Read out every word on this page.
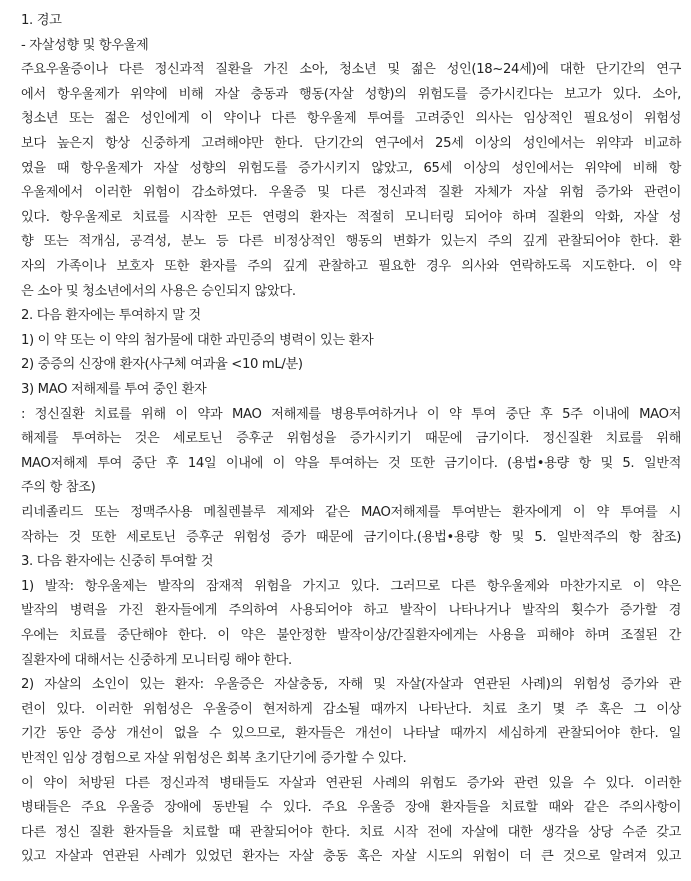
1. 경고
- 자살성향 및 항우울제
주요우울증이나 다른 정신과적 질환을 가진 소아, 청소년 및 젊은 성인(18~24세)에 대한 단기간의 연구
에서 항우울제가 위약에 비해 자살 충동과 행동(자살 성향)의 위험도를 증가시킨다는 보고가 있다. 소아,
청소년 또는 젊은 성인에게 이 약이나 다른 항우울제 투여를 고려중인 의사는 임상적인 필요성이 위험성
보다 높은지 항상 신중하게 고려해야만 한다. 단기간의 연구에서 25세 이상의 성인에서는 위약과 비교하
였을 때 항우울제가 자살 성향의 위험도를 증가시키지 않았고, 65세 이상의 성인에서는 위약에 비해 항
우울제에서 이러한 위험이 감소하였다. 우울증 및 다른 정신과적 질환 자체가 자살 위험 증가와 관련이
있다. 항우울제로 치료를 시작한 모든 연령의 환자는 적절히 모니터링 되어야 하며 질환의 악화, 자살 성
향 또는 적개심, 공격성, 분노 등 다른 비정상적인 행동의 변화가 있는지 주의 깊게 관찰되어야 한다. 환
자의 가족이나 보호자 또한 환자를 주의 깊게 관찰하고 필요한 경우 의사와 연락하도록 지도한다. 이 약
은 소아 및 청소년에서의 사용은 승인되지 않았다.
2. 다음 환자에는 투여하지 말 것
1) 이 약 또는 이 약의 첨가물에 대한 과민증의 병력이 있는 환자
2) 중증의 신장애 환자(사구체 여과율 <10 mL/분)
3) MAO 저해제를 투여 중인 환자
: 정신질환 치료를 위해 이 약과 MAO 저해제를 병용투여하거나 이 약 투여 중단 후 5주 이내에 MAO저
해제를 투여하는 것은 세로토닌 증후군 위험성을 증가시키기 때문에 금기이다. 정신질환 치료를 위해
MAO저해제 투여 중단 후 14일 이내에 이 약을 투여하는 것 또한 금기이다. (용법•용량 항 및 5. 일반적
주의 항 참조)
리네졸리드 또는 정맥주사용 메칠렌블루 제제와 같은 MAO저해제를 투여받는 환자에게 이 약 투여를 시
작하는 것 또한 세로토닌 증후군 위험성 증가 때문에 금기이다.(용법•용량 항 및 5. 일반적주의 항 참조)
3. 다음 환자에는 신중히 투여할 것
1) 발작: 항우울제는 발작의 잠재적 위험을 가지고 있다. 그러므로 다른 항우울제와 마찬가지로 이 약은
발작의 병력을 가진 환자들에게 주의하여 사용되어야 하고 발작이 나타나거나 발작의 횟수가 증가할 경
우에는 치료를 중단해야 한다. 이 약은 불안정한 발작이상/간질환자에게는 사용을 피해야 하며 조절된 간
질환자에 대해서는 신중하게 모니터링 해야 한다.
2) 자살의 소인이 있는 환자: 우울증은 자살충동, 자해 및 자살(자살과 연관된 사례)의 위험성 증가와 관
련이 있다. 이러한 위험성은 우울증이 현저하게 감소될 때까지 나타난다. 치료 초기 몇 주 혹은 그 이상
기간 동안 증상 개선이 없을 수 있으므로, 환자들은 개선이 나타날 때까지 세심하게 관찰되어야 한다. 일
반적인 임상 경험으로 자살 위험성은 회복 초기단기에 증가할 수 있다.
이 약이 처방된 다른 정신과적 병태들도 자살과 연관된 사례의 위험도 증가와 관련 있을 수 있다. 이러한
병태들은 주요 우울증 장애에 동반될 수 있다. 주요 우울증 장애 환자들을 치료할 때와 같은 주의사항이
다른 정신 질환 환자들을 치료할 때 관찰되어야 한다. 치료 시작 전에 자살에 대한 생각을 상당 수준 갖고
있고 자살과 연관된 사례가 있었던 환자는 자살 충동 혹은 자살 시도의 위험이 더 큰 것으로 알려져 있고
